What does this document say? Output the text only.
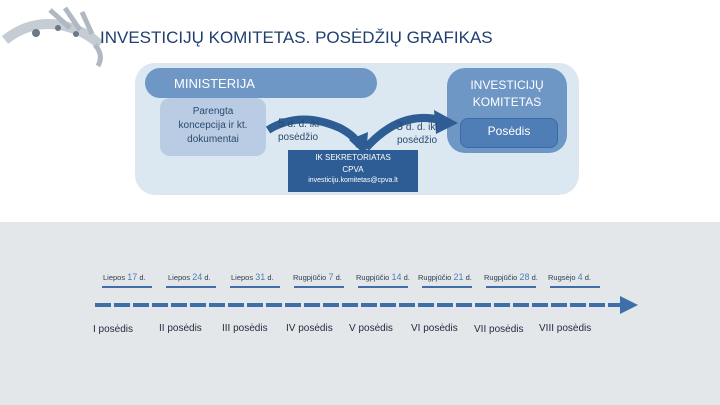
INVESTICIJŲ KOMITETAS. POSĖDŽIŲ GRAFIKAS
MINISTERIJA	INVESTICIJŲ
KOMITETAS
Parengta
koncepcija ir kt.
dokumentai
Posėdis
5 d. d. iki
posėdžio
3 d. d. iki
posėdžio
IK SEKRETORIATAS
CPVA
investiciju.komitetas@cpva.lt
Liepos 17 d.	Liepos 24 d.	Liepos 31 d.	Rugpjūčio 7 d. Rugpjūčio 14 d. Rugpjūčio 21 d. Rugpjūčio 28 d. Rugsėjo 4 d.
I posėdis	II posėdis III posėdis IV posėdis V posėdis VI posėdis VII posėdis VIII posėdis
